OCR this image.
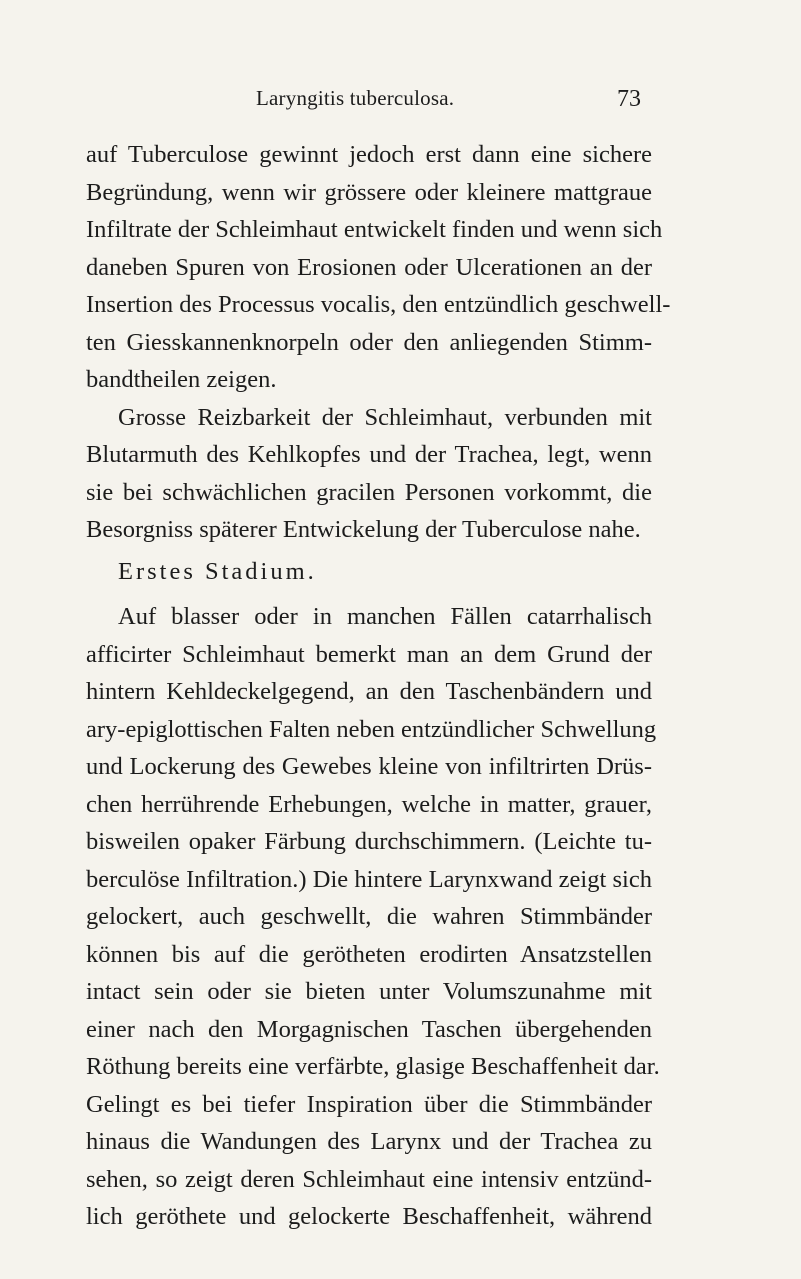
Laryngitis tuberculosa.	73
auf Tuberculose gewinnt jedoch erst dann eine sichere
Begründung, wenn wir grössere oder kleinere mattgraue
Infiltrate der Schleimhaut entwickelt finden und wenn sich
daneben Spuren von Erosionen oder Ulcerationen an der
Insertion des Processus vocalis, den entzündlich geschwell-
ten Giesskannenknorpeln oder den anliegenden Stimm-
bandtheilen zeigen.
Grosse Reizbarkeit der Schleimhaut, verbunden mit
Blutarmuth des Kehlkopfes und der Trachea, legt, wenn
sie bei schwächlichen gracilen Personen vorkommt, die
Besorgniss späterer Entwickelung der Tuberculose nahe.
Erstes Stadium.
Auf blasser oder in manchen Fällen catarrhalisch
afficirter Schleimhaut bemerkt man an dem Grund der
hintern Kehldeckelgegend, an den Taschenbändern und
ary-epiglottischen Falten neben entzündlicher Schwellung
und Lockerung des Gewebes kleine von infiltrirten Drüs-
chen herrührende Erhebungen, welche in matter, grauer,
bisweilen opaker Färbung durchschimmern. (Leichte tu-
berculöse Infiltration.) Die hintere Larynxwand zeigt sich
gelockert, auch geschwellt, die wahren Stimmbänder
können bis auf die gerötheten erodirten Ansatzstellen
intact sein oder sie bieten unter Volumszunahme mit
einer nach den Morgagnischen Taschen übergehenden
Röthung bereits eine verfärbte, glasige Beschaffenheit dar.
Gelingt es bei tiefer Inspiration über die Stimmbänder
hinaus die Wandungen des Larynx und der Trachea zu
sehen, so zeigt deren Schleimhaut eine intensiv entzünd-
lich geröthete und gelockerte Beschaffenheit, während
